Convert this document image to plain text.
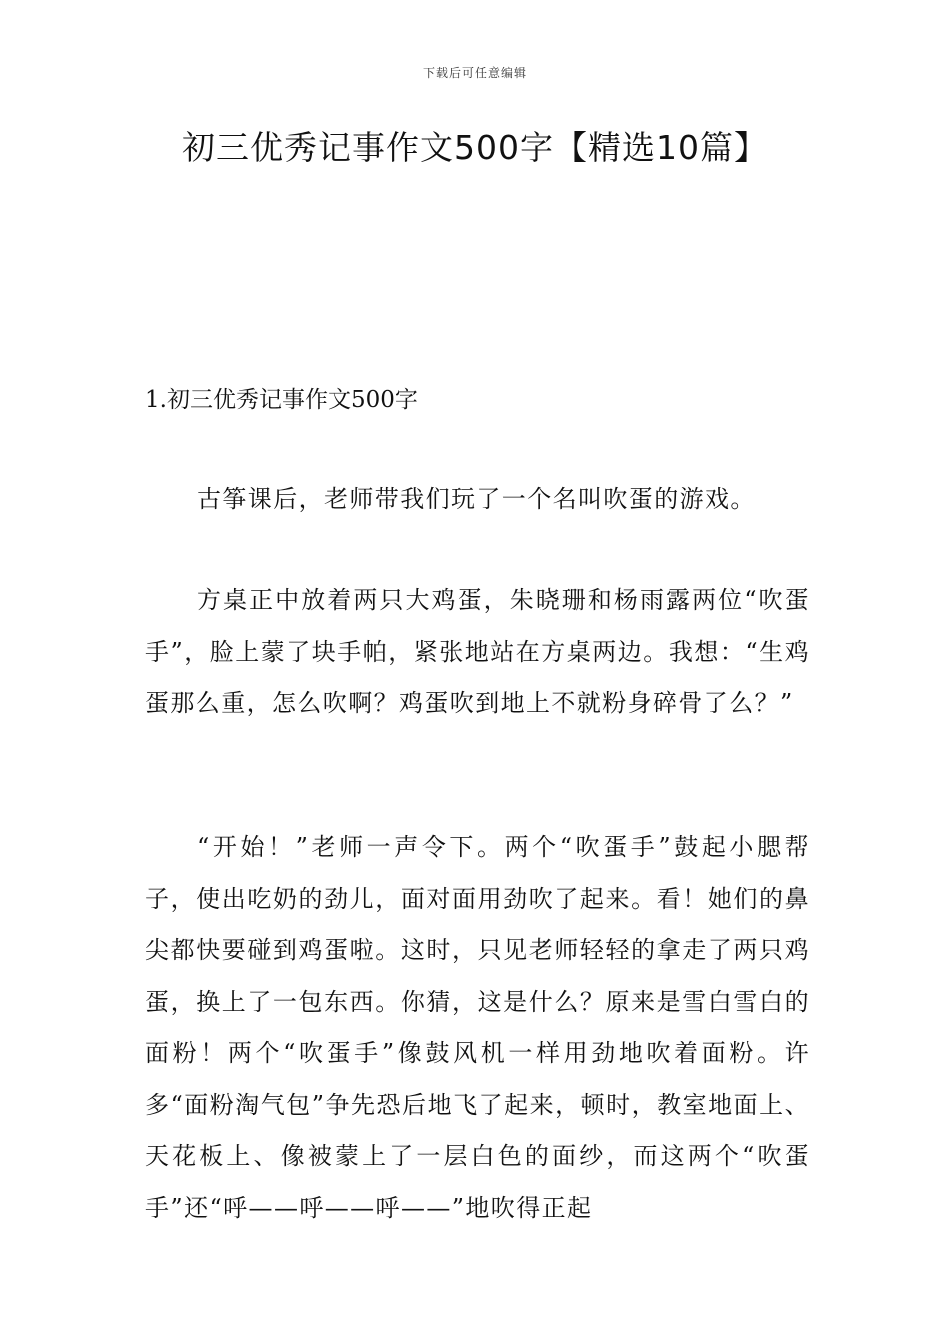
下载后可任意编辑
初三优秀记事作文500字【精选10篇】
1.初三优秀记事作文500字

古筝课后，老师带我们玩了一个名叫吹蛋的游戏。

方桌正中放着两只大鸡蛋，朱晓珊和杨雨露两位“吹蛋手”，脸上蒙了块手帕，紧张地站在方桌两边。我想：“生鸡蛋那么重，怎么吹啊？鸡蛋吹到地上不就粉身碎骨了么？”

“开始！”老师一声令下。两个“吹蛋手”鼓起小腮帮子，使出吃奶的劲儿，面对面用劲吹了起来。看！她们的鼻尖都快要碰到鸡蛋啦。这时，只见老师轻轻的拿走了两只鸡蛋，换上了一包东西。你猜，这是什么？原来是雪白雪白的面粉！两个“吹蛋手”像鼓风机一样用劲地吹着面粉。许多“面粉淘气包”争先恐后地飞了起来，顿时，教室地面上、天花板上、像被蒙上了一层白色的面纱，而这两个“吹蛋手”还“呼——呼——呼——”地吹得正起
